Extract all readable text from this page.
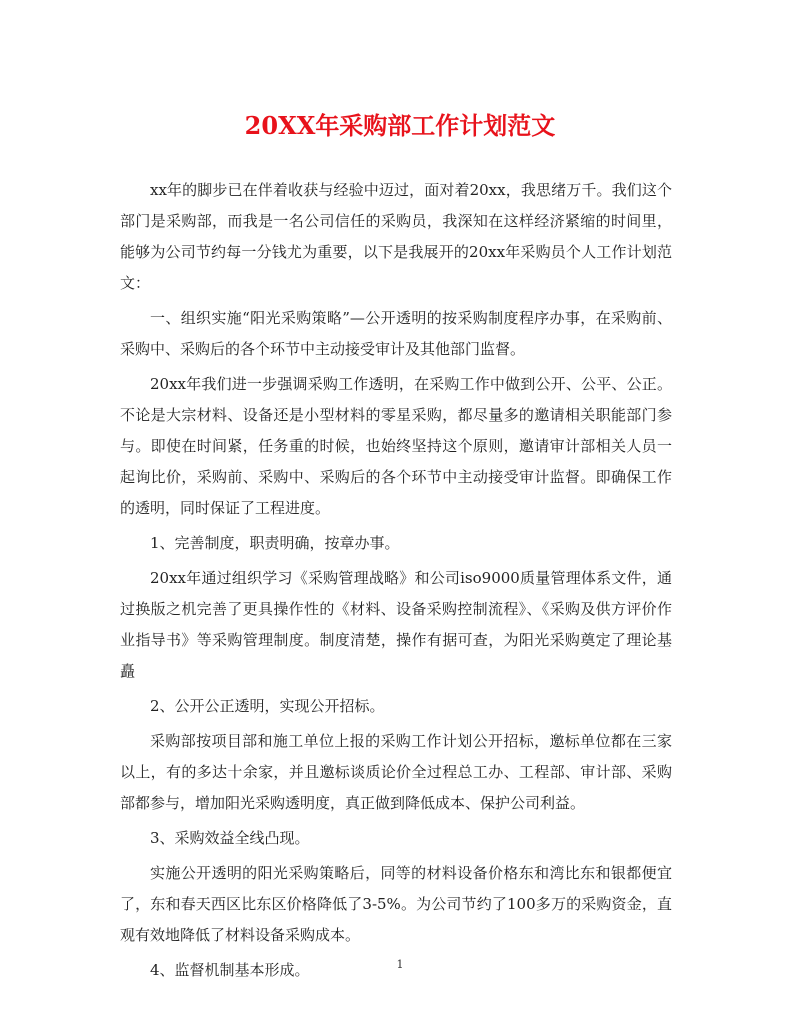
20XX年采购部工作计划范文

xx年的脚步已在伴着收获与经验中迈过，面对着20xx，我思绪万千。我们这个部门是采购部，而我是一名公司信任的采购员，我深知在这样经济紧缩的时间里，能够为公司节约每一分钱尤为重要，以下是我展开的20xx年采购员个人工作计划范文：

一、组织实施“阳光采购策略”—公开透明的按采购制度程序办事，在采购前、采购中、采购后的各个环节中主动接受审计及其他部门监督。

20xx年我们进一步强调采购工作透明，在采购工作中做到公开、公平、公正。不论是大宗材料、设备还是小型材料的零星采购，都尽量多的邀请相关职能部门参与。即使在时间紧，任务重的时候，也始终坚持这个原则，邀请审计部相关人员一起询比价，采购前、采购中、采购后的各个环节中主动接受审计监督。即确保工作的透明，同时保证了工程进度。

1、完善制度，职责明确，按章办事。

20xx年通过组织学习《采购管理战略》和公司iso9000质量管理体系文件，通过换版之机完善了更具操作性的《材料、设备采购控制流程》、《采购及供方评价作业指导书》等采购管理制度。制度清楚，操作有据可查，为阳光采购奠定了理论基矗

2、公开公正透明，实现公开招标。

采购部按项目部和施工单位上报的采购工作计划公开招标，邀标单位都在三家以上，有的多达十余家，并且邀标谈质论价全过程总工办、工程部、审计部、采购部都参与，增加阳光采购透明度，真正做到降低成本、保护公司利益。

3、采购效益全线凸现。

实施公开透明的阳光采购策略后，同等的材料设备价格东和湾比东和银都便宜了，东和春天西区比东区价格降低了3-5%。为公司节约了100多万的采购资金，直观有效地降低了材料设备采购成本。

4、监督机制基本形成。	1
